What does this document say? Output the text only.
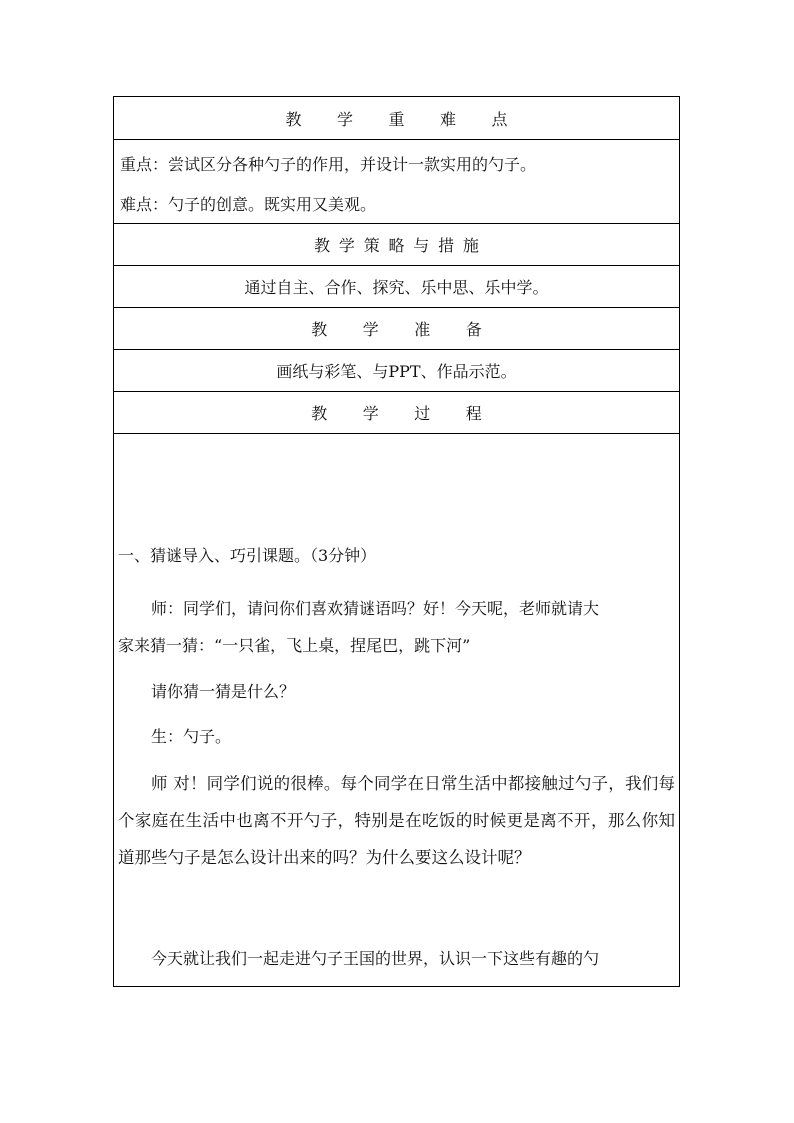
教 学 重 难 点
重点：尝试区分各种勺子的作用，并设计一款实用的勺子。
难点：勺子的创意。既实用又美观。
教学策略与措施
通过自主、合作、探究、乐中思、乐中学。
教 学 准 备
画纸与彩笔、与PPT、作品示范。
教 学 过 程
一、猜谜导入、巧引课题。（3分钟）
师：同学们，请问你们喜欢猜谜语吗？好！今天呢，老师就请大
家来猜一猜：“一只雀，飞上桌，捏尾巴，跳下河”
请你猜一猜是什么？
生：勺子。
师 对！同学们说的很棒。每个同学在日常生活中都接触过勺子，我们每个家庭在生活中也离不开勺子，特别是在吃饭的时候更是离不开，那么你知道那些勺子是怎么设计出来的吗？为什么要这么设计呢？
今天就让我们一起走进勺子王国的世界，认识一下这些有趣的勺
